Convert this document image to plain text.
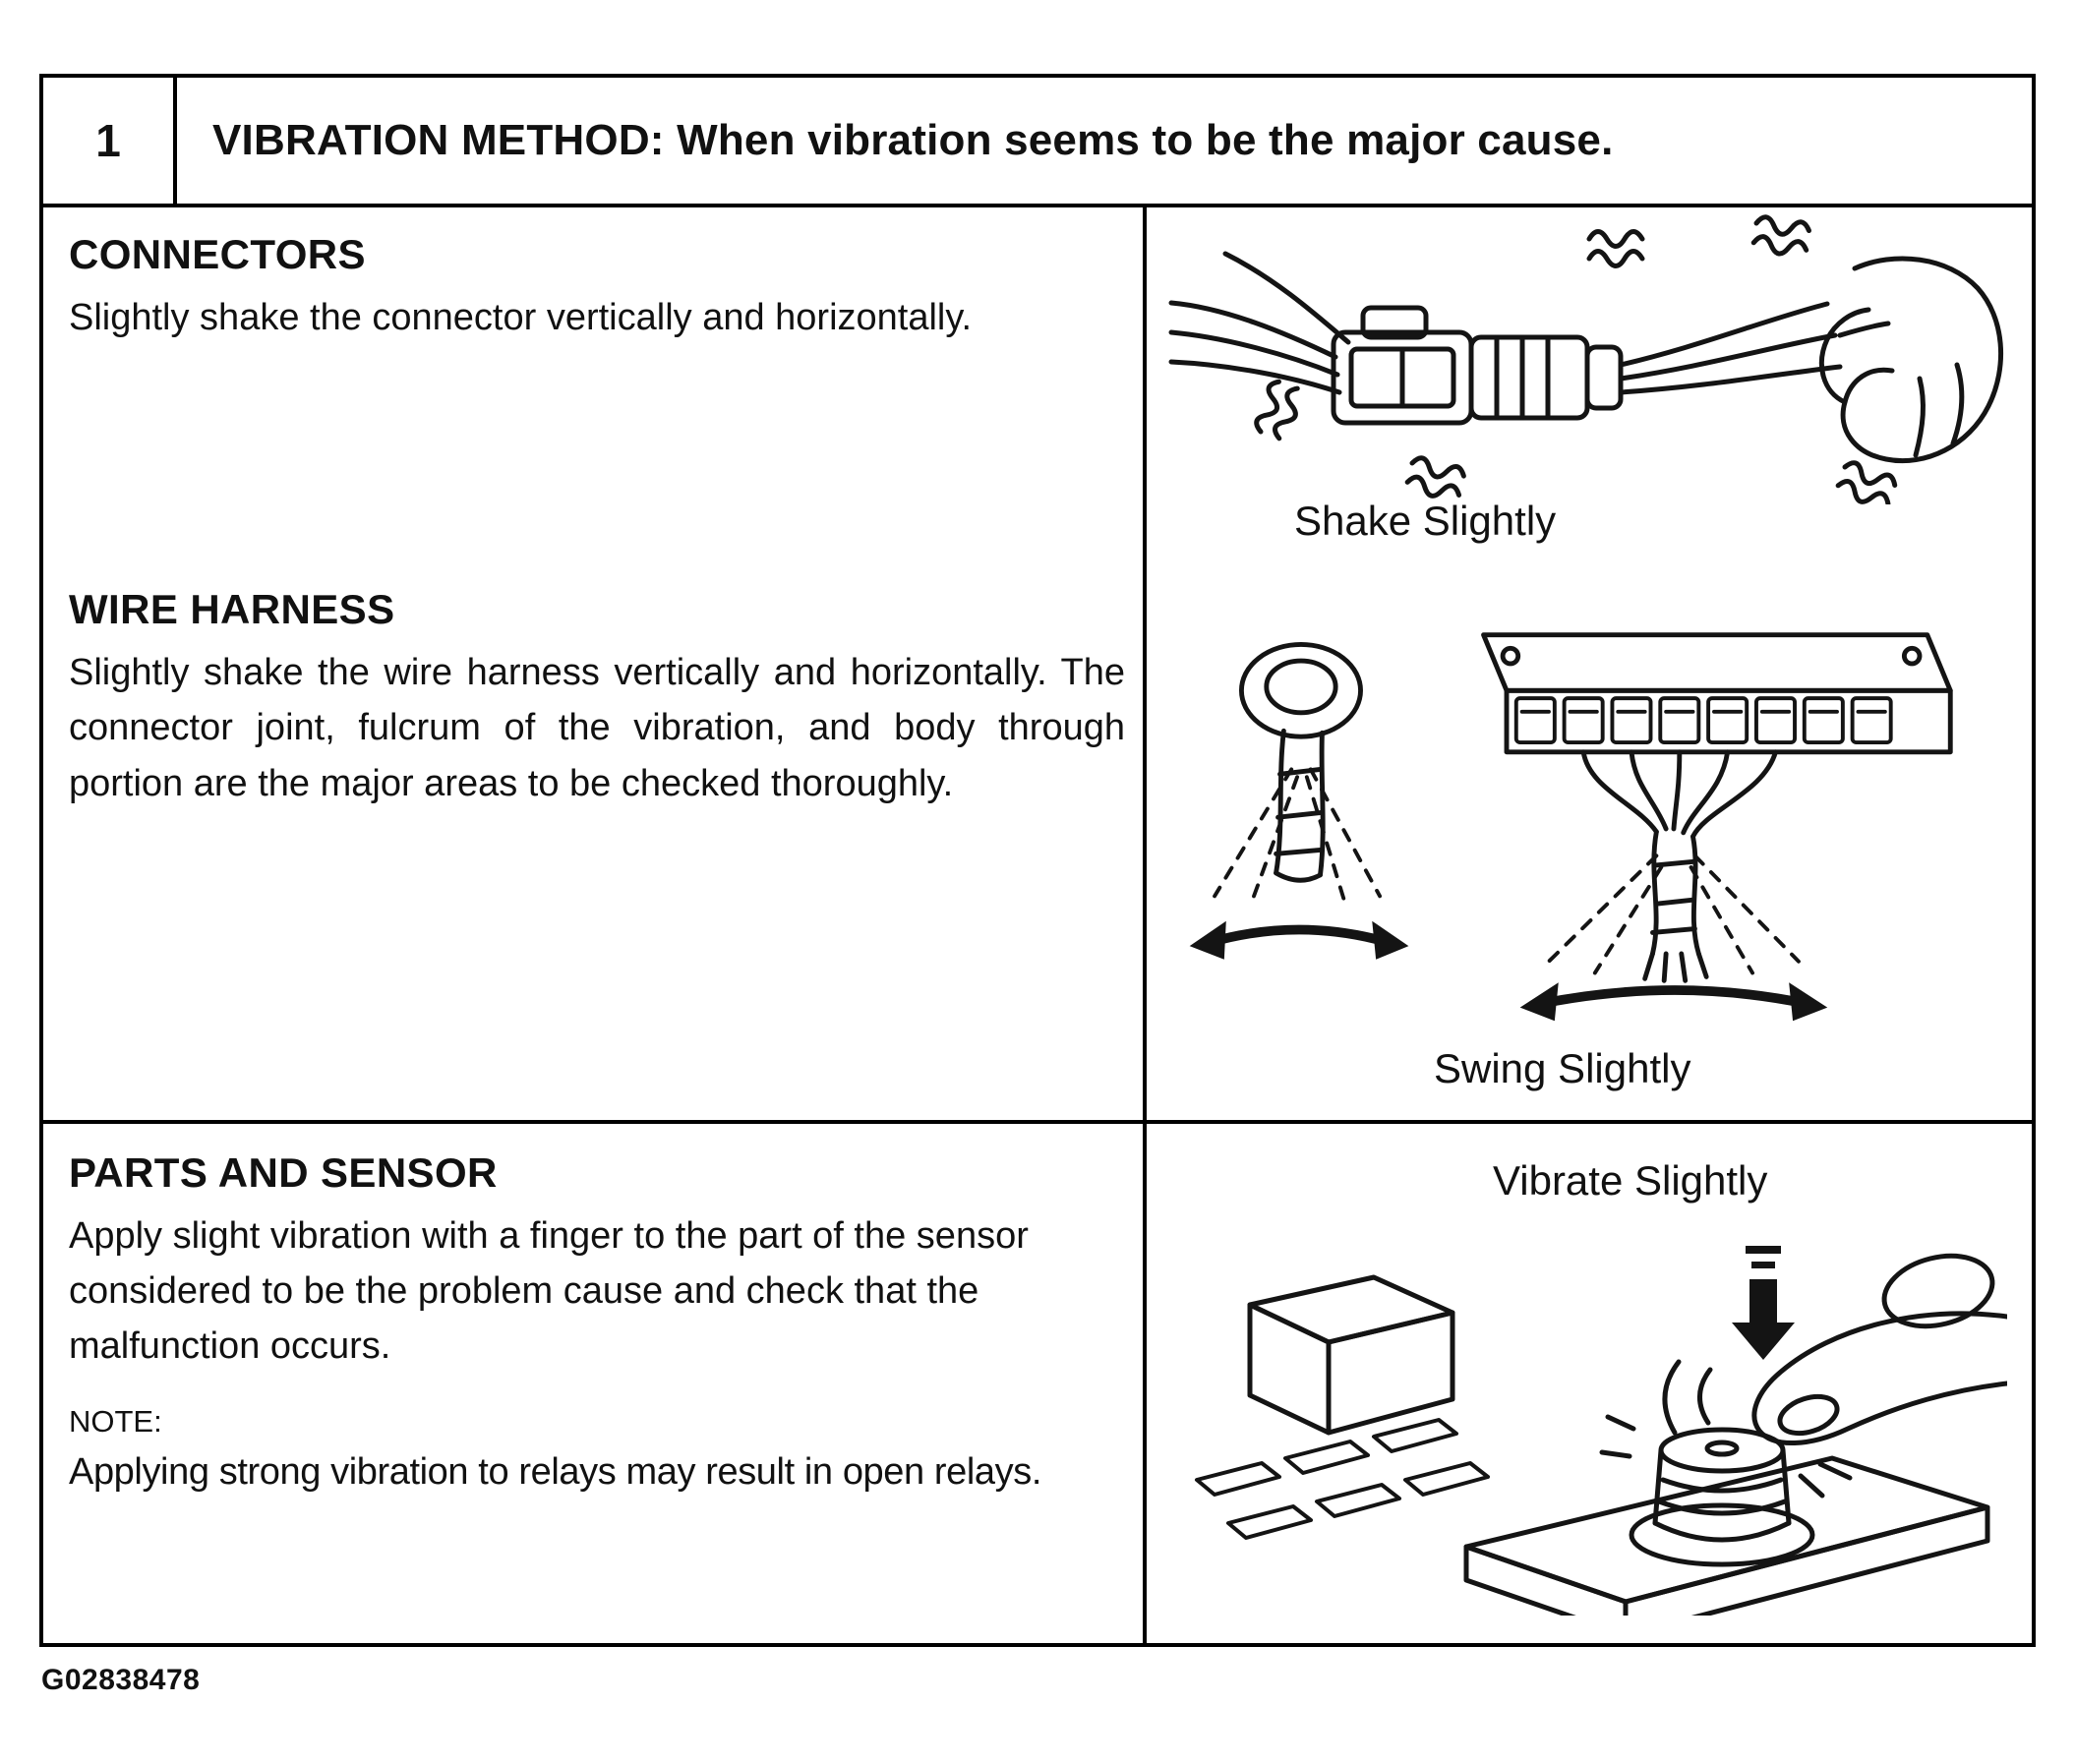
1	VIBRATION METHOD: When vibration seems to be the major cause.
CONNECTORS

Slightly shake the connector vertically and horizontally.

WIRE HARNESS

Slightly shake the wire harness vertically and horizontally. The connector joint, fulcrum of the vibration, and body through portion are the major areas to be checked thoroughly.

Shake Slightly
Swing Slightly
PARTS AND SENSOR

Apply slight vibration with a finger to the part of the sensor considered to be the problem cause and check that the malfunction occurs.

NOTE:

Applying strong vibration to relays may result in open relays.

Vibrate Slightly
G02838478
